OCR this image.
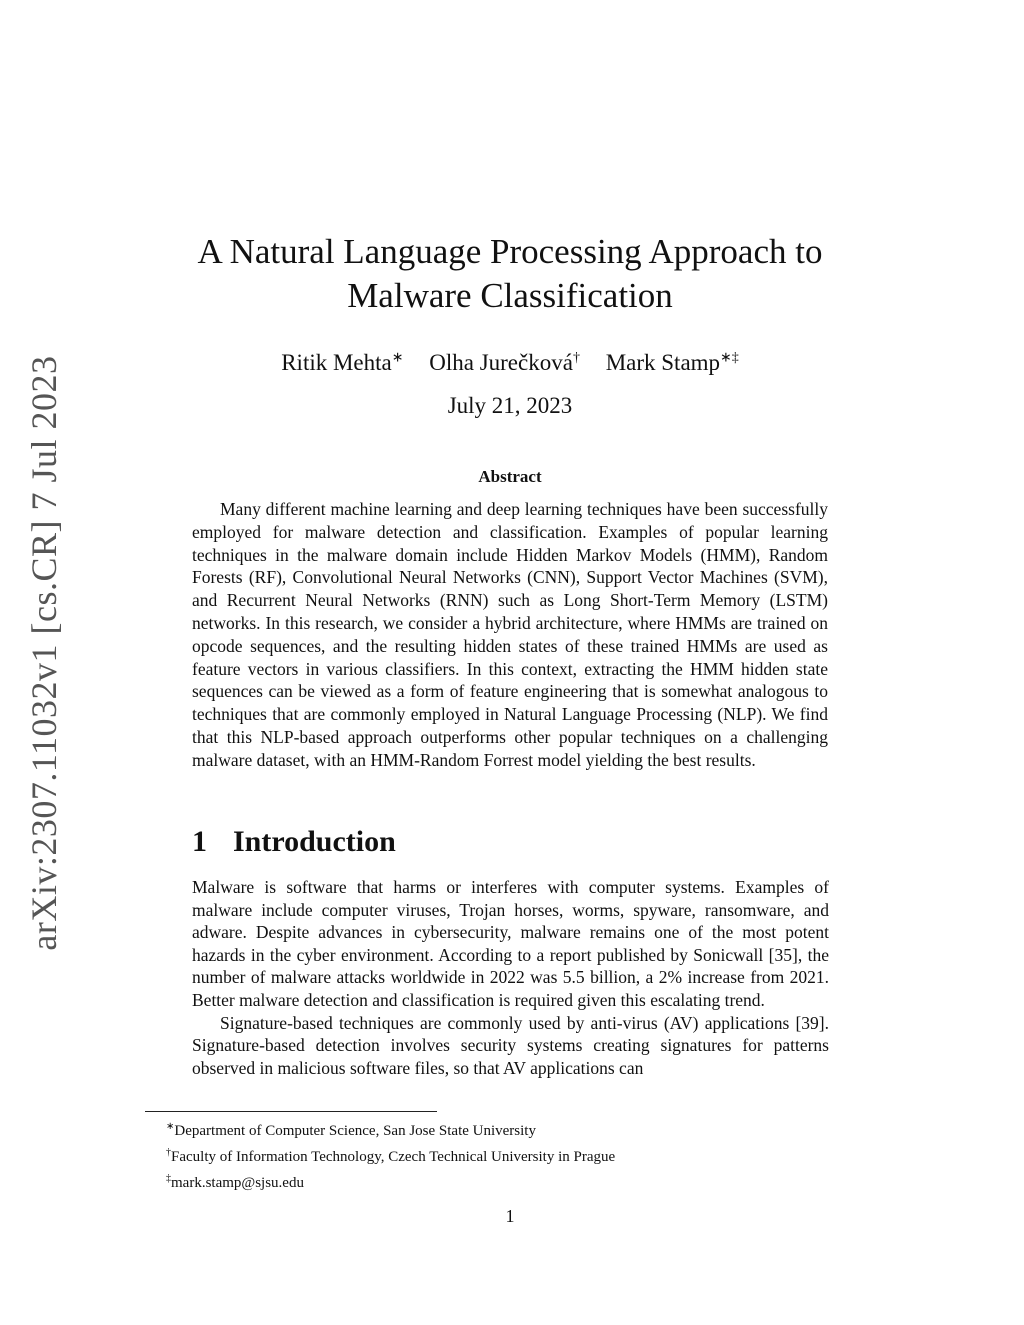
arXiv:2307.11032v1 [cs.CR] 7 Jul 2023
A Natural Language Processing Approach to
Malware Classification
Ritik Mehta∗ Olha Jurečková† Mark Stamp∗‡
July 21, 2023
Abstract
Many different machine learning and deep learning techniques have been successfully employed for malware detection and classification. Examples of popular learning techniques in the malware domain include Hidden Markov Models (HMM), Random Forests (RF), Convolutional Neural Networks (CNN), Support Vector Machines (SVM), and Recurrent Neural Networks (RNN) such as Long Short-Term Memory (LSTM) networks. In this research, we consider a hybrid architecture, where HMMs are trained on opcode sequences, and the resulting hidden states of these trained HMMs are used as feature vectors in various classifiers. In this context, extracting the HMM hidden state sequences can be viewed as a form of feature engineering that is somewhat analogous to techniques that are commonly employed in Natural Language Processing (NLP). We find that this NLP-based approach outperforms other popular techniques on a challenging malware dataset, with an HMM-Random Forrest model yielding the best results.
1 Introduction

Malware is software that harms or interferes with computer systems. Examples of malware include computer viruses, Trojan horses, worms, spyware, ransomware, and adware. Despite advances in cybersecurity, malware remains one of the most potent hazards in the cyber environment. According to a report published by Sonicwall [35], the number of malware attacks worldwide in 2022 was 5.5 billion, a 2% increase from 2021. Better malware detection and classification is required given this escalating trend.

Signature-based techniques are commonly used by anti-virus (AV) applications [39]. Signature-based detection involves security systems creating signatures for patterns observed in malicious software files, so that AV applications can

∗Department of Computer Science, San Jose State University
†Faculty of Information Technology, Czech Technical University in Prague
‡mark.stamp@sjsu.edu
1
